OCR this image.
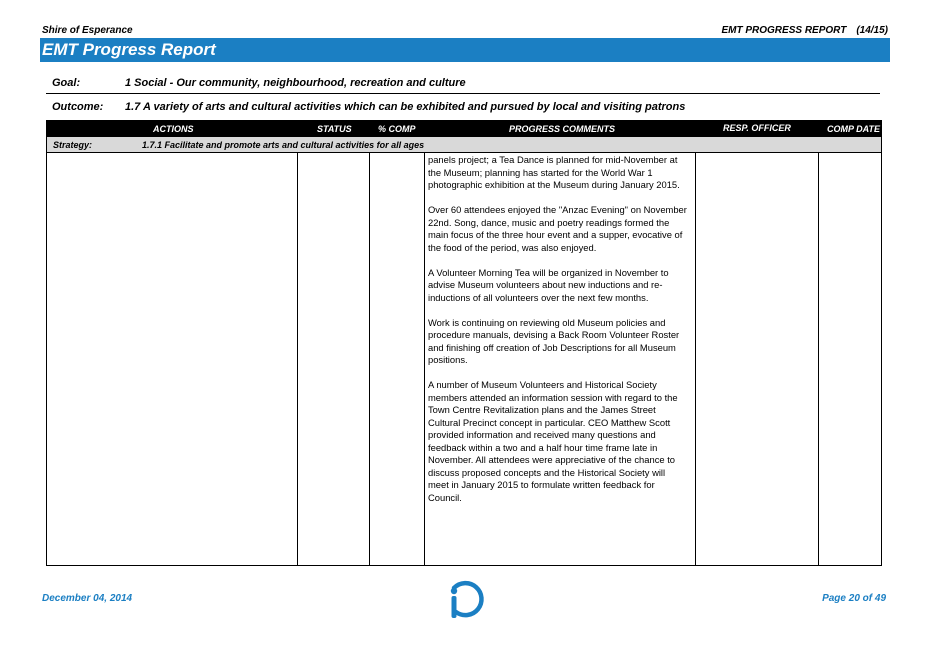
Shire of Esperance	EMT PROGRESS REPORT (14/15)
EMT Progress Report
Goal:	1 Social - Our community, neighbourhood, recreation and culture
Outcome: 1.7 A variety of arts and cultural activities which can be exhibited and pursued by local and visiting patrons
ACTIONS	STATUS	% COMP	PROGRESS COMMENTS	RESP. OFFICER	COMP DATE
Strategy:	1.7.1 Facilitate and promote arts and cultural activities for all ages

panels project; a Tea Dance is planned for mid-November at the Museum; planning has started for the World War 1 photographic exhibition at the Museum during January 2015.

Over 60 attendees enjoyed the "Anzac Evening" on November 22nd. Song, dance, music and poetry readings formed the main focus of the three hour event and a supper, evocative of the food of the period, was also enjoyed.

A Volunteer Morning Tea will be organized in November to advise Museum volunteers about new inductions and re-inductions of all volunteers over the next few months.

Work is continuing on reviewing old Museum policies and procedure manuals, devising a Back Room Volunteer Roster and finishing off creation of Job Descriptions for all Museum positions.

A number of Museum Volunteers and Historical Society members attended an information session with regard to the Town Centre Revitalization plans and the James Street Cultural Precinct concept in particular. CEO Matthew Scott provided information and received many questions and feedback within a two and a half hour time frame late in November. All attendees were appreciative of the chance to discuss proposed concepts and the Historical Society will meet in January 2015 to formulate written feedback for Council.

December 04, 2014	Page 20 of 49
